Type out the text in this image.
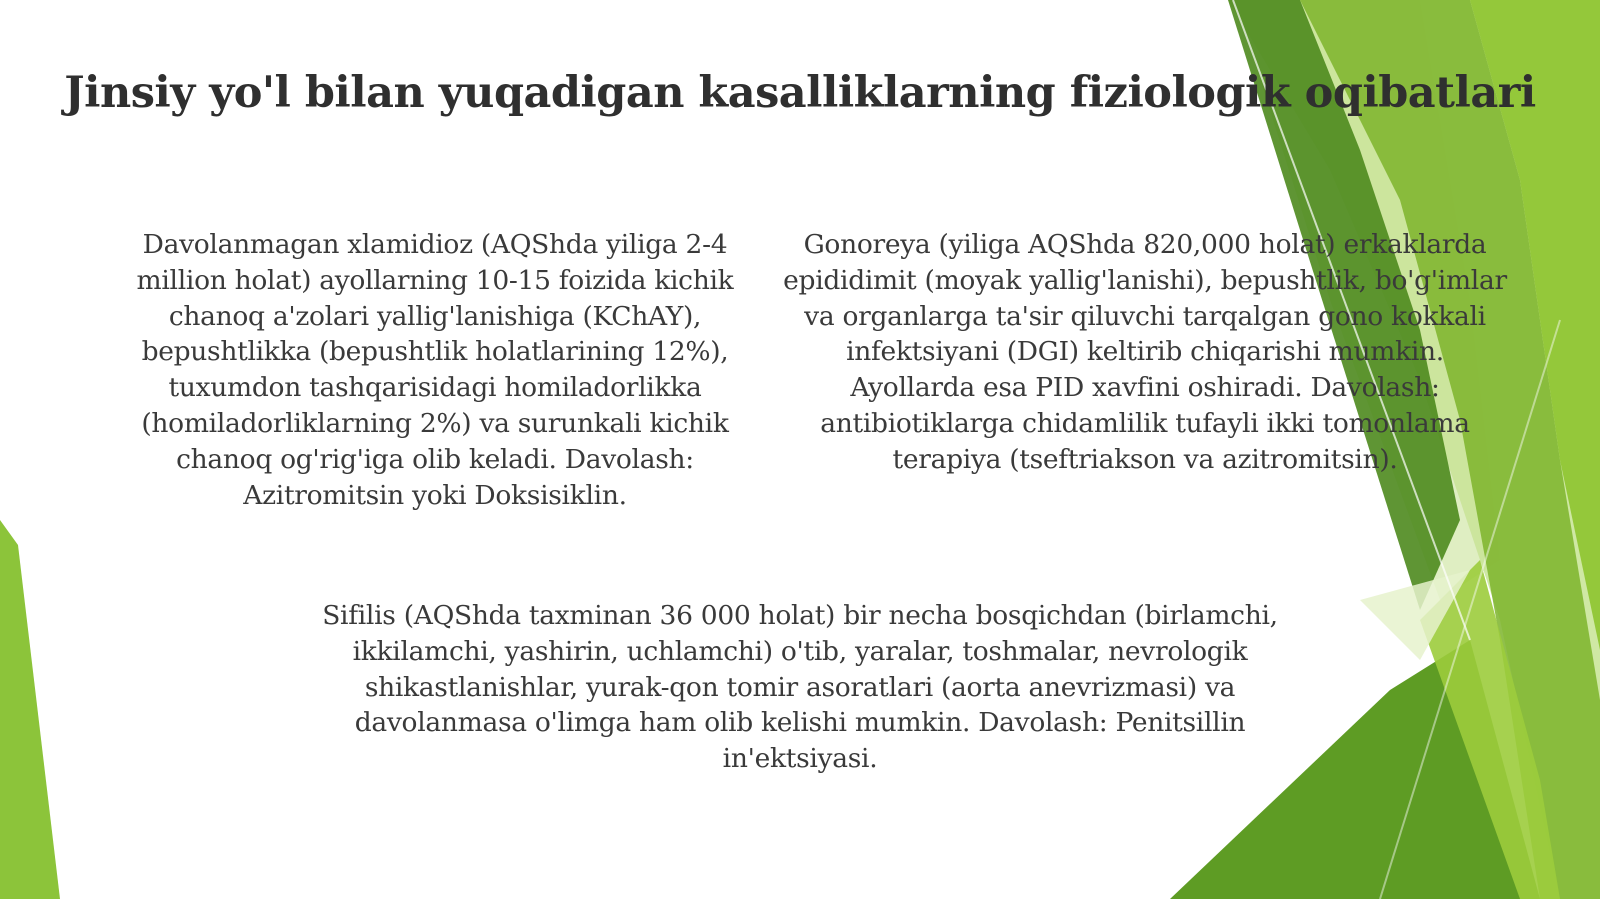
Jinsiy yo'l bilan yuqadigan kasalliklarning fiziologik oqibatlari
Davolanmagan xlamidioz (AQShda yiliga 2-4 million holat) ayollarning 10-15 foizida kichik chanoq a'zolari yallig'lanishiga (KChAY), bepushtlikka (bepushtlik holatlarining 12%), tuxumdon tashqarisidagi homiladorlikka (homiladorliklarning 2%) va surunkali kichik chanoq og'rig'iga olib keladi. Davolash: Azitromitsin yoki Doksisiklin.
Gonoreya (yiliga AQShda 820,000 holat) erkaklarda epididimit (moyak yallig'lanishi), bepushtlik, bo'g'imlar va organlarga ta'sir qiluvchi tarqalgan gono kokkali infektsiyani (DGI) keltirib chiqarishi mumkin. Ayollarda esa PID xavfini oshiradi. Davolash: antibiotiklarga chidamlilik tufayli ikki tomonlama terapiya (tseftriakson va azitromitsin).
Sifilis (AQShda taxminan 36 000 holat) bir necha bosqichdan (birlamchi, ikkilamchi, yashirin, uchlamchi) o'tib, yaralar, toshmalar, nevrologik shikastlanishlar, yurak-qon tomir asoratlari (aorta anevrizmasi) va davolanmasa o'limga ham olib kelishi mumkin. Davolash: Penitsillin in'ektsiyasi.
